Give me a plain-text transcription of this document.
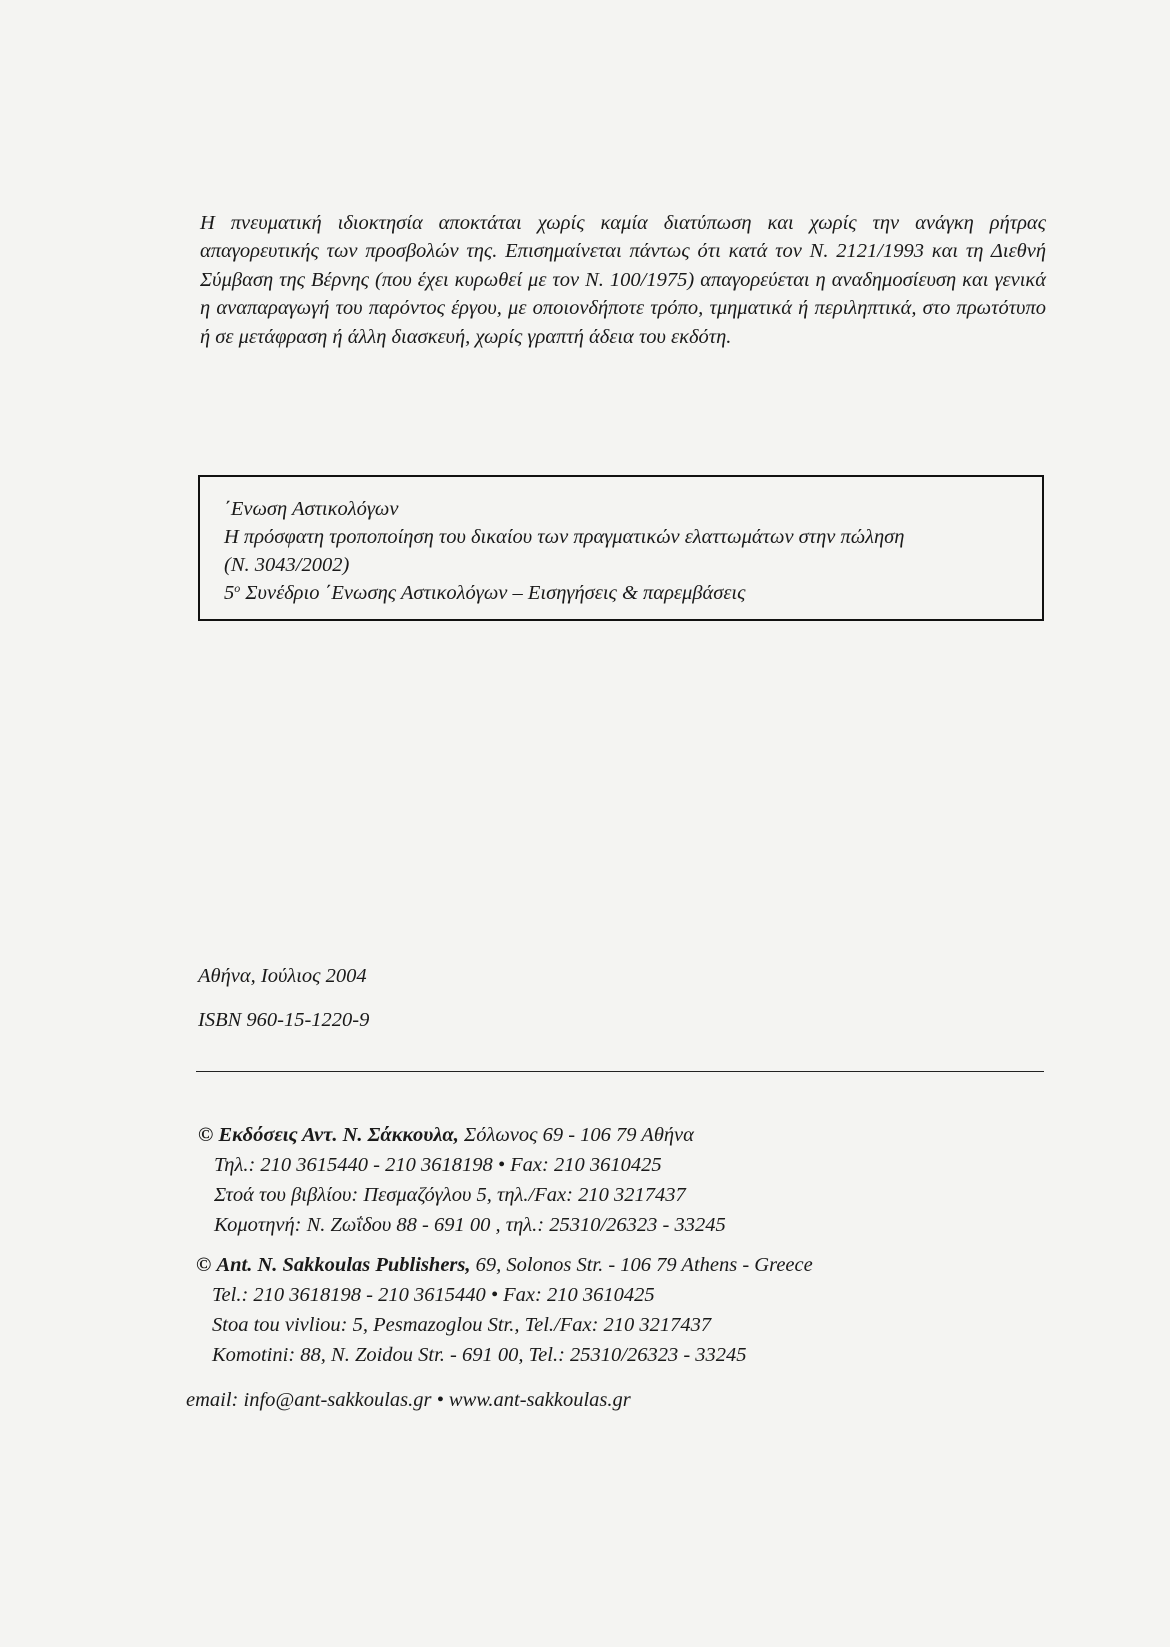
Η πνευματική ιδιοκτησία αποκτάται χωρίς καμία διατύπωση και χωρίς την ανάγκη ρήτρας απαγορευτικής των προσβολών της. Επισημαίνεται πάντως ότι κατά τον Ν. 2121/1993 και τη Διεθνή Σύμβαση της Βέρνης (που έχει κυρωθεί με τον Ν. 100/1975) απαγορεύεται η αναδημοσίευση και γενικά η αναπαραγωγή του παρόντος έργου, με οποιονδήποτε τρόπο, τμηματικά ή περιληπτικά, στο πρωτότυπο ή σε μετάφραση ή άλλη διασκευή, χωρίς γραπτή άδεια του εκδότη.

΄Ενωση Αστικολόγων
Η πρόσφατη τροποποίηση του δικαίου των πραγματικών ελαττωμάτων στην πώληση
(Ν. 3043/2002)
$5^o$ Συνέδριο ΄Ενωσης Αστικολόγων – Εισηγήσεις & παρεμβάσεις
Αθήνα, Ιούλιος 2004
ISBN 960-15-1220-9
© Εκδόσεις Αντ. Ν. Σάκκουλα, Σόλωνος 69 - 106 79 Αθήνα
Τηλ.: 210 3615440 - 210 3618198 • Fax: 210 3610425
Στοά του βιβλίου: Πεσμαζόγλου 5, τηλ./Fax: 210 3217437
Κομοτηνή: Ν. Ζωΐδου 88 - 691 00 , τηλ.: 25310/26323 - 33245
© Ant. N. Sakkoulas Publishers, 69, Solonos Str. - 106 79 Athens - Greece
Tel.: 210 3618198 - 210 3615440 • Fax: 210 3610425
Stoa tou vivliou: 5, Pesmazoglou Str., Tel./Fax: 210 3217437
Komotini: 88, N. Zoidou Str. - 691 00, Tel.: 25310/26323 - 33245
email: info@ant-sakkoulas.gr • www.ant-sakkoulas.gr
